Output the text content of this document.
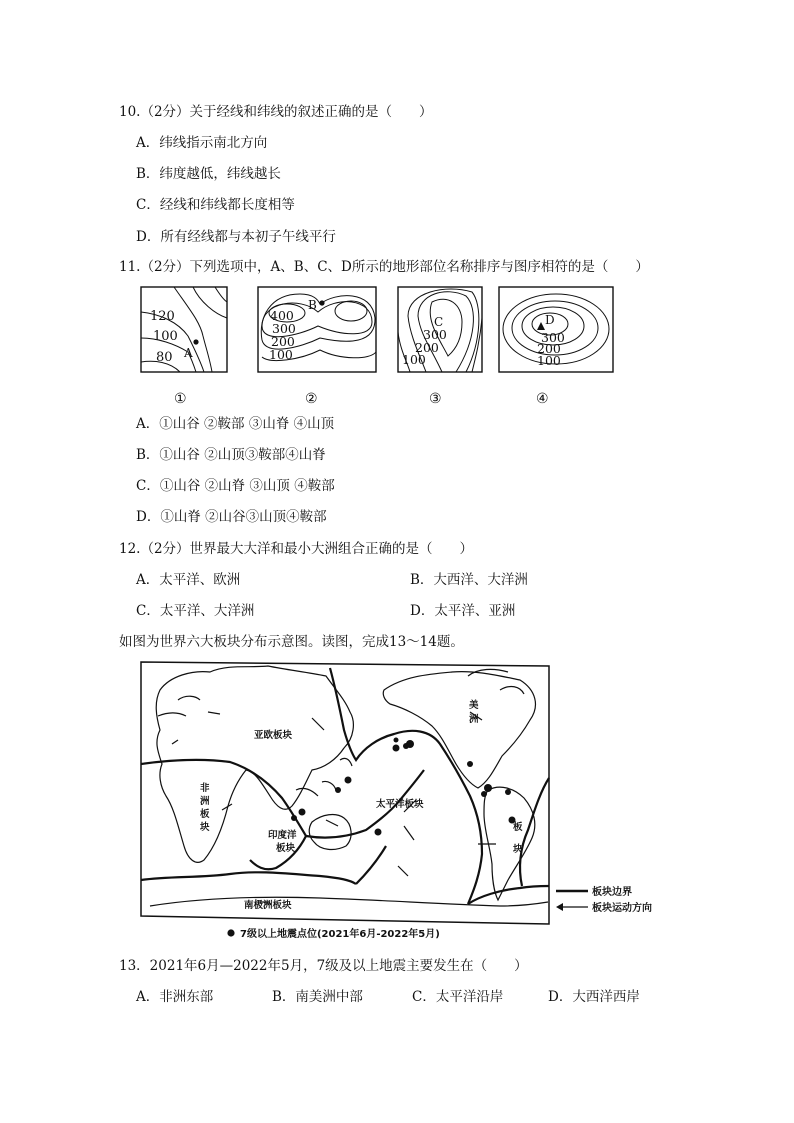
10.（2分）关于经线和纬线的叙述正确的是（　　）
A．纬线指示南北方向
B．纬度越低，纬线越长
C．经线和纬线都长度相等
D．所有经线都与本初子午线平行
11.（2分）下列选项中，A、B、C、D所示的地形部位名称排序与图序相符的是（　　）
120
100
80 A
①
400
300
200
100
B
②
C
300
200
100
③
D
300
200
100
④
A．①山谷 ②鞍部 ③山脊 ④山顶
B．①山谷 ②山顶③鞍部④山脊
C．①山谷 ②山脊 ③山顶 ④鞍部
D．①山脊 ②山谷③山顶④鞍部
12.（2分）世界最大大洋和最小大洲组合正确的是（　　）
A．太平洋、欧洲	B．大西洋、大洋洲
C．太平洋、大洋洲	D．太平洋、亚洲
如图为世界六大板块分布示意图。读图，完成13～14题。
亚欧板块
非
洲
板
块
印度洋
板块
太平洋板块
美
洲
板
块
南极洲板块
板块边界
板块运动方向
7级以上地震点位(2021年6月-2022年5月)
13．2021年6月—2022年5月，7级及以上地震主要发生在（　　）
A．非洲东部	B．南美洲中部	C．太平洋沿岸	D．大西洋西岸
